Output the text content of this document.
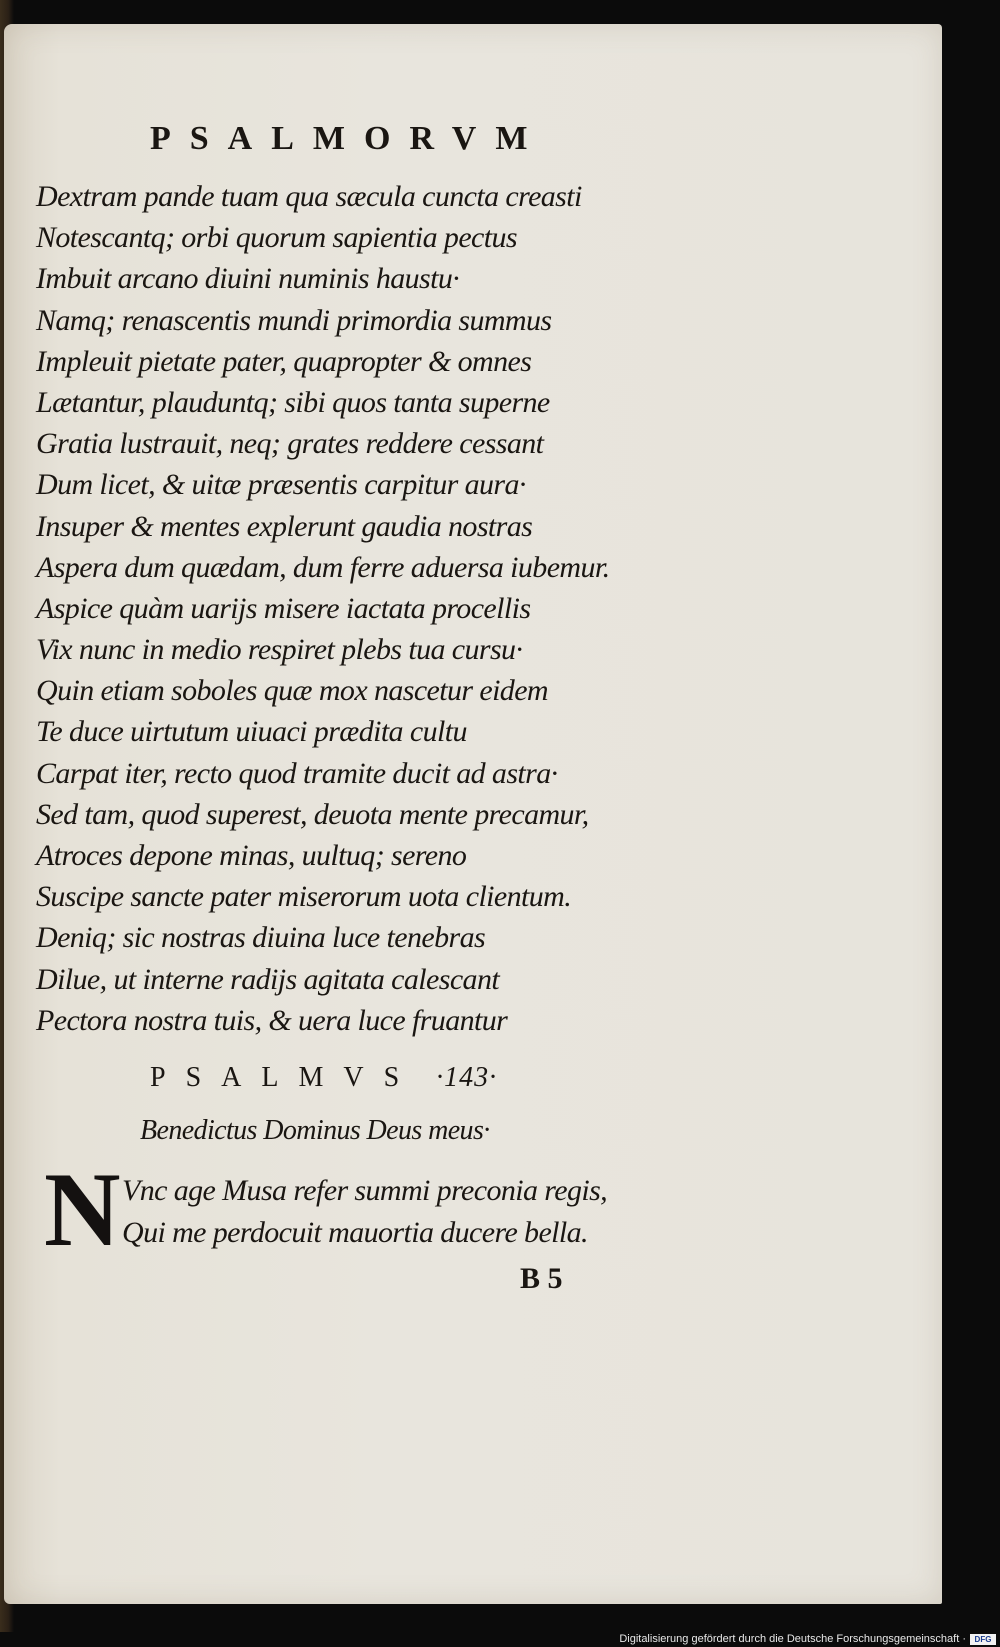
PSALMORVM
Dextram pande tuam qua sæcula cuncta creasti
Notescantq; orbi quorum sapientia pectus
Imbuit arcano diuini numinis haustu·
Namq; renascentis mundi primordia summus
Impleuit pietate pater, quapropter & omnes
Lætantur, plauduntq; sibi quos tanta superne
Gratia lustrauit, neq; grates reddere cessant
Dum licet, & uitæ præsentis carpitur aura·
Insuper & mentes explerunt gaudia nostras
Aspera dum quædam, dum ferre aduersa iubemur.
Aspice quàm uarijs misere iactata procellis
Vix nunc in medio respiret plebs tua cursu·
Quin etiam soboles quæ mox nascetur eidem
Te duce uirtutum uiuaci prædita cultu
Carpat iter, recto quod tramite ducit ad astra·
Sed tam, quod superest, deuota mente precamur,
Atroces depone minas, uultuq; sereno
Suscipe sancte pater miserorum uota clientum.
Deniq; sic nostras diuina luce tenebras
Dilue, ut interne radijs agitata calescant
Pectora nostra tuis, & uera luce fruantur
PSALMVS ·143·
Benedictus Dominus Deus meus·
N Vnc age Musa refer summi preconia regis,
Qui me perdocuit mauortia ducere bella.
B 5
Digitalisierung gefördert durch die Deutsche Forschungsgemeinschaft ·	DFG
